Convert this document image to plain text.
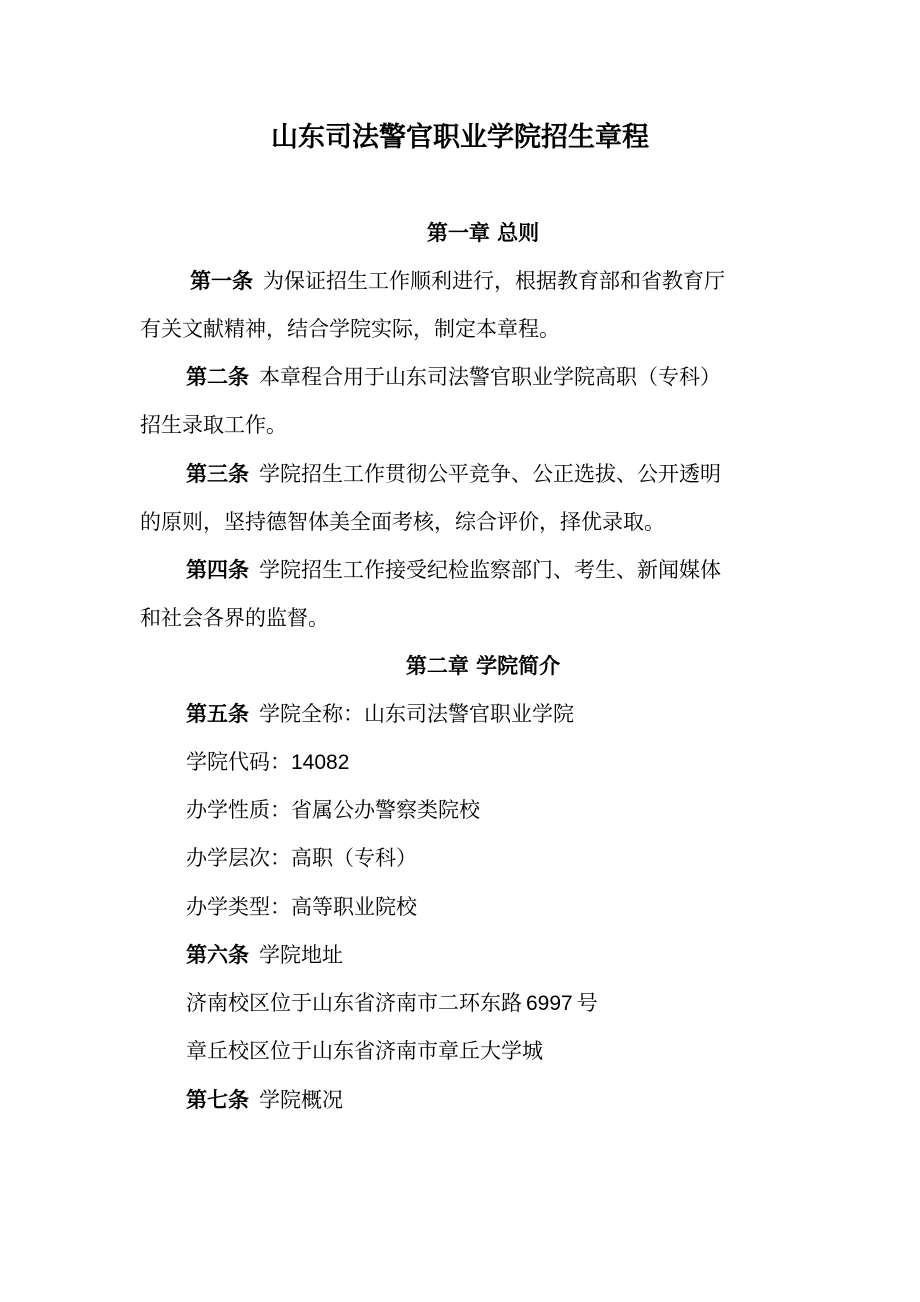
山东司法警官职业学院招生章程
第一章 总则
第一条 为保证招生工作顺利进行，根据教育部和省教育厅
有关文献精神，结合学院实际，制定本章程。
第二条 本章程合用于山东司法警官职业学院高职（专科）
招生录取工作。
第三条 学院招生工作贯彻公平竞争、公正选拔、公开透明
的原则，坚持德智体美全面考核，综合评价，择优录取。
第四条 学院招生工作接受纪检监察部门、考生、新闻媒体
和社会各界的监督。
第二章 学院简介
第五条 学院全称：山东司法警官职业学院
学院代码：14082
办学性质：省属公办警察类院校
办学层次：高职（专科）
办学类型：高等职业院校
第六条 学院地址
济南校区位于山东省济南市二环东路 6997 号
章丘校区位于山东省济南市章丘大学城
第七条 学院概况
